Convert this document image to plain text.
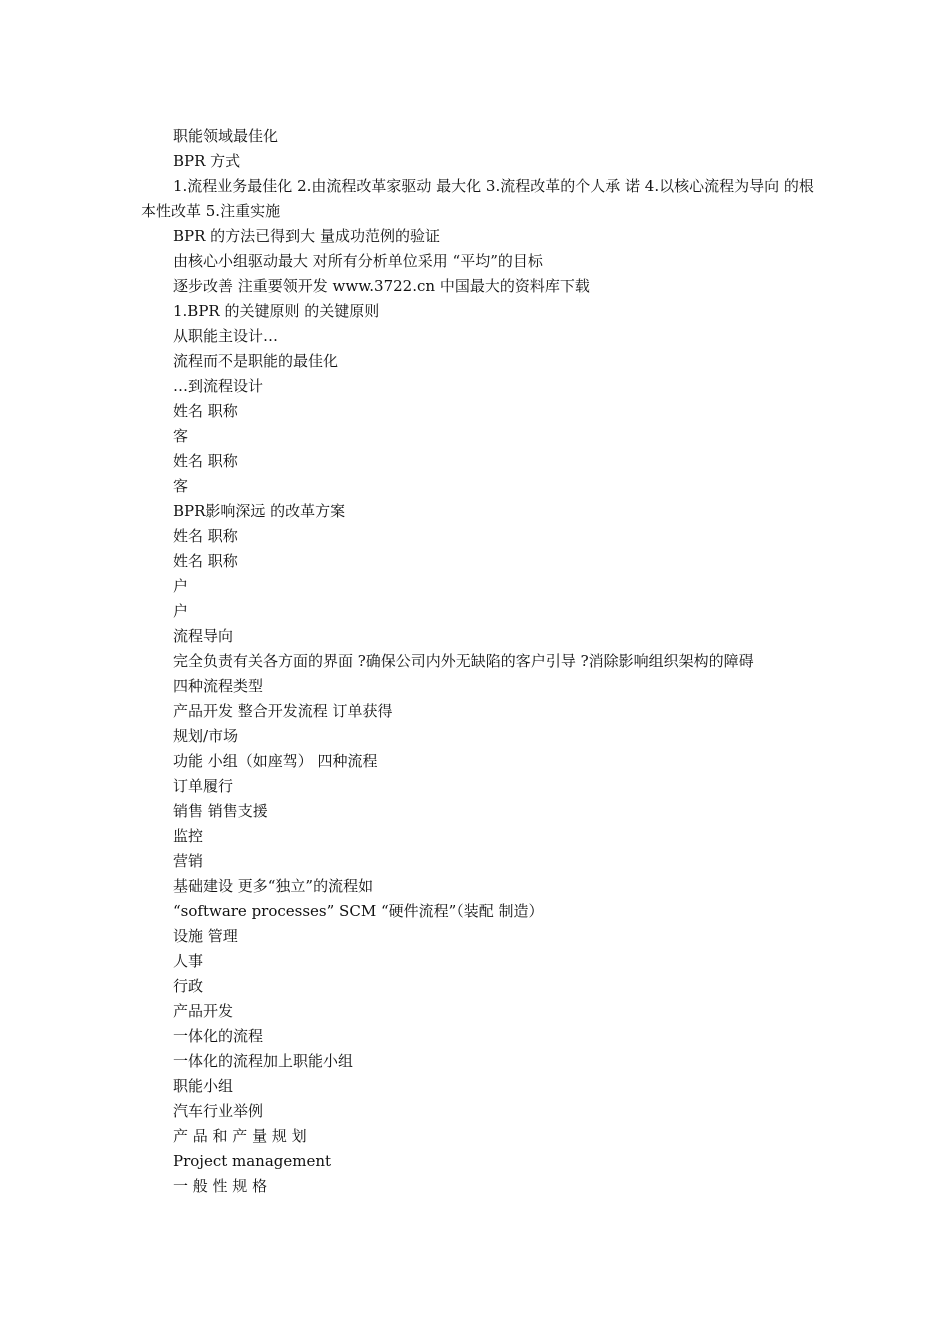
职能领域最佳化

BPR 方式

1.流程业务最佳化 2.由流程改革家驱动 最大化 3.流程改革的个人承 诺 4.以核心流程为导向 的根本性改革 5.注重实施

BPR 的方法已得到大 量成功范例的验证

由核心小组驱动最大 对所有分析单位采用 “平均”的目标

逐步改善 注重要领开发 www.3722.cn 中国最大的资料库下载

1.BPR 的关键原则 的关键原则

从职能主设计…

流程而不是职能的最佳化

…到流程设计

姓名 职称

客

姓名 职称

客

BPR影响深远 的改革方案

姓名 职称

姓名 职称

户

户

流程导向

完全负责有关各方面的界面 ?确保公司内外无缺陷的客户引导 ?消除影响组织架构的障碍

四种流程类型

产品开发 整合开发流程 订单获得

规划/市场

功能 小组（如座驾） 四种流程

订单履行

销售 销售支援

监控

营销

基础建设 更多“独立”的流程如

“software processes” SCM “硬件流程”（装配 制造）

设施 管理

人事

行政

产品开发

一体化的流程

一体化的流程加上职能小组

职能小组

汽车行业举例

产 品 和 产 量 规 划

Project management

一 般 性 规 格
